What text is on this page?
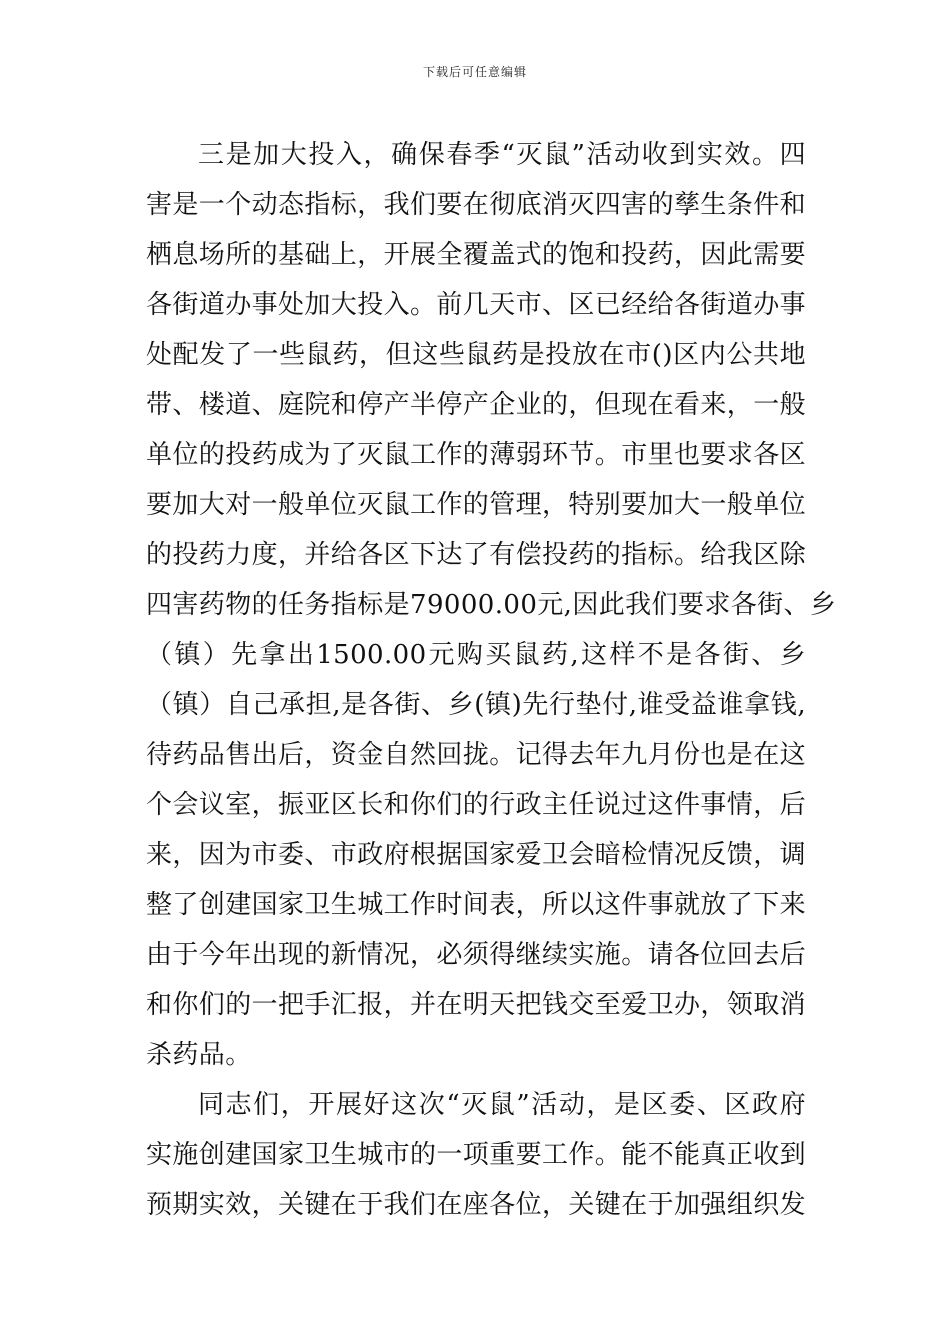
下载后可任意编辑
三是加大投入，确保春季“灭鼠”活动收到实效。四
害是一个动态指标，我们要在彻底消灭四害的孳生条件和
栖息场所的基础上，开展全覆盖式的饱和投药，因此需要
各街道办事处加大投入。前几天市、区已经给各街道办事
处配发了一些鼠药，但这些鼠药是投放在市()区内公共地
带、楼道、庭院和停产半停产企业的，但现在看来，一般
单位的投药成为了灭鼠工作的薄弱环节。市里也要求各区
要加大对一般单位灭鼠工作的管理，特别要加大一般单位
的投药力度，并给各区下达了有偿投药的指标。给我区除
四害药物的任务指标是79000.00元,因此我们要求各街、乡
（镇）先拿出1500.00元购买鼠药,这样不是各街、乡
（镇）自己承担,是各街、乡(镇)先行垫付,谁受益谁拿钱,
待药品售出后，资金自然回拢。记得去年九月份也是在这
个会议室，振亚区长和你们的行政主任说过这件事情，后
来，因为市委、市政府根据国家爱卫会暗检情况反馈，调
整了创建国家卫生城工作时间表，所以这件事就放了下来
由于今年出现的新情况，必须得继续实施。请各位回去后
和你们的一把手汇报，并在明天把钱交至爱卫办，领取消
杀药品。
同志们，开展好这次“灭鼠”活动，是区委、区政府
实施创建国家卫生城市的一项重要工作。能不能真正收到
预期实效，关键在于我们在座各位，关键在于加强组织发
